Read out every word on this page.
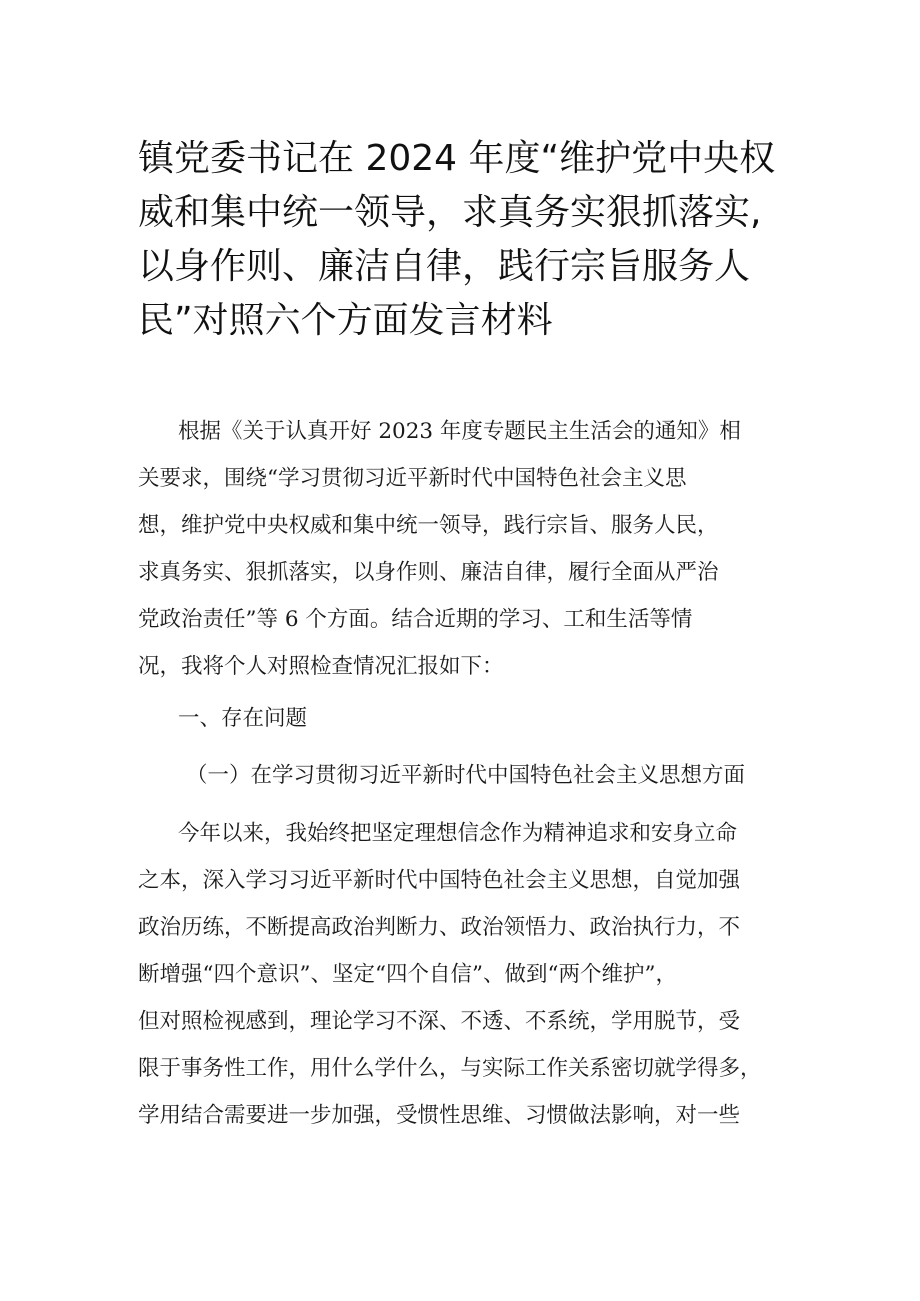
镇党委书记在 2024 年度“维护党中央权
威和集中统一领导，求真务实狠抓落实,
以身作则、廉洁自律，践行宗旨服务人
民”对照六个方面发言材料
根据《关于认真开好 2023 年度专题民主生活会的通知》相
关要求，围绕“学习贯彻习近平新时代中国特色社会主义思
想，维护党中央权威和集中统一领导，践行宗旨、服务人民，
求真务实、狠抓落实，以身作则、廉洁自律，履行全面从严治
党政治责任”等 6 个方面。结合近期的学习、工和生活等情
况，我将个人对照检查情况汇报如下：
一、存在问题
（一）在学习贯彻习近平新时代中国特色社会主义思想方面
今年以来，我始终把坚定理想信念作为精神追求和安身立命
之本，深入学习习近平新时代中国特色社会主义思想，自觉加强
政治历练，不断提高政治判断力、政治领悟力、政治执行力，不
断增强“四个意识”、坚定“四个自信”、做到“两个维护”，
但对照检视感到，理论学习不深、不透、不系统，学用脱节，受
限于事务性工作，用什么学什么，与实际工作关系密切就学得多，
学用结合需要进一步加强，受惯性思维、习惯做法影响，对一些
